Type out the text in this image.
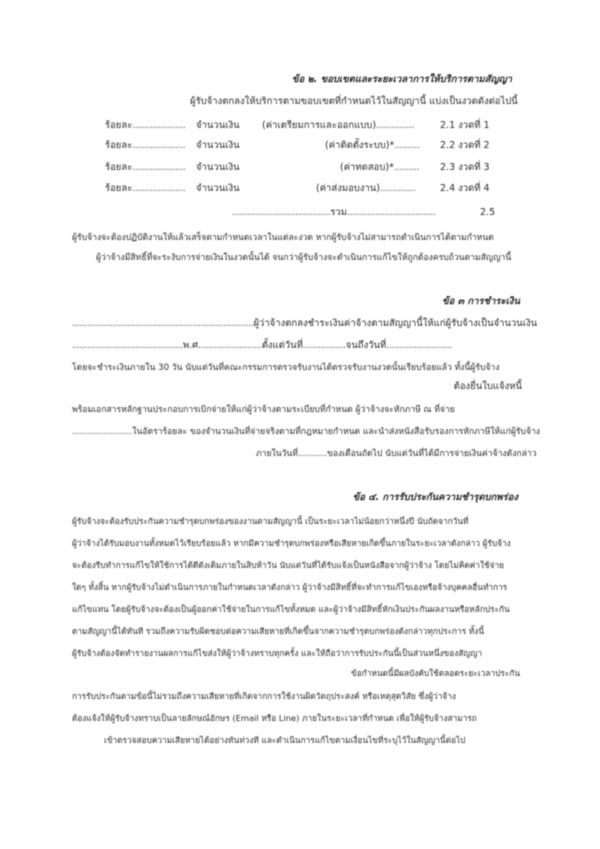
ข้อ ๒. ขอบเขตและระยะเวลาการให้บริการตามสัญญา
ผู้รับจ้างตกลงให้บริการตามขอบเขตที่กำหนดไว้ในสัญญานี้ แบ่งเป็นงวดดังต่อไปนี้
ร้อยละ..................... จำนวนเงิน (ค่าเตรียมการและออกแบบ)...............	2.1 งวดที่ 1
ร้อยละ..................... จำนวนเงิน	(ค่าติดตั้งระบบ)*.......... 2.2 งวดที่ 2
ร้อยละ..................... จำนวนเงิน	(ค่าทดสอบ)*.......... 2.3 งวดที่ 3
ร้อยละ..................... จำนวนเงิน	(ค่าส่งมอบงาน)..............	2.4 งวดที่ 4
.......................................รวม...................................	2.5
ผู้รับจ้างจะต้องปฏิบัติงานให้แล้วเสร็จตามกำหนดเวลาในแต่ละงวด หากผู้รับจ้างไม่สามารถดำเนินการได้ตามกำหนด
ผู้ว่าจ้างมีสิทธิ์ที่จะระงับการจ่ายเงินในงวดนั้นได้ จนกว่าผู้รับจ้างจะดำเนินการแก้ไขให้ถูกต้องครบถ้วนตามสัญญานี้
ข้อ ๓ การชำระเงิน
........................................................................ผู้ว่าจ้างตกลงชำระเงินค่าจ้างตามสัญญานี้ให้แก่ผู้รับจ้างเป็นจำนวนเงิน
............................................พ.ศ.........................ตั้งแต่วันที่.................จนถึงวันที่..........................
โดยจะชำระเงินภายใน 30 วัน นับแต่วันที่คณะกรรมการตรวจรับงานได้ตรวจรับงานงวดนั้นเรียบร้อยแล้ว ทั้งนี้ผู้รับจ้าง
ต้องยื่นใบแจ้งหนี้
พร้อมเอกสารหลักฐานประกอบการเบิกจ่ายให้แก่ผู้ว่าจ้างตามระเบียบที่กำหนด ผู้ว่าจ้างจะหักภาษี ณ ที่จ่าย
...........................ในอัตราร้อยละ ของจำนวนเงินที่จ่ายจริงตามที่กฎหมายกำหนด และนำส่งหนังสือรับรองการหักภาษีให้แก่ผู้รับจ้าง
ภายในวันที่.............ของเดือนถัดไป นับแต่วันที่ได้มีการจ่ายเงินค่าจ้างดังกล่าว
ข้อ ๔. การรับประกันความชำรุดบกพร่อง
ผู้รับจ้างจะต้องรับประกันความชำรุดบกพร่องของงานตามสัญญานี้ เป็นระยะเวลาไม่น้อยกว่าหนึ่งปี นับถัดจากวันที่
ผู้ว่าจ้างได้รับมอบงานทั้งหมดไว้เรียบร้อยแล้ว หากมีความชำรุดบกพร่องหรือเสียหายเกิดขึ้นภายในระยะเวลาดังกล่าว ผู้รับจ้าง
จะต้องรีบทำการแก้ไขให้ใช้การได้ดีดังเดิมภายในสิบห้าวัน นับแต่วันที่ได้รับแจ้งเป็นหนังสือจากผู้ว่าจ้าง โดยไม่คิดค่าใช้จ่าย
ใดๆ ทั้งสิ้น หากผู้รับจ้างไม่ดำเนินการภายในกำหนดเวลาดังกล่าว ผู้ว่าจ้างมีสิทธิ์ที่จะทำการแก้ไขเองหรือจ้างบุคคลอื่นทำการ
แก้ไขแทน โดยผู้รับจ้างจะต้องเป็นผู้ออกค่าใช้จ่ายในการแก้ไขทั้งหมด และผู้ว่าจ้างมีสิทธิ์หักเงินประกันผลงานหรือหลักประกัน
ตามสัญญานี้ได้ทันที รวมถึงความรับผิดชอบต่อความเสียหายที่เกิดขึ้นจากความชำรุดบกพร่องดังกล่าวทุกประการ ทั้งนี้
ผู้รับจ้างต้องจัดทำรายงานผลการแก้ไขส่งให้ผู้ว่าจ้างทราบทุกครั้ง และให้ถือว่าการรับประกันนี้เป็นส่วนหนึ่งของสัญญา
ข้อกำหนดนี้มีผลบังคับใช้ตลอดระยะเวลาประกัน
การรับประกันตามข้อนี้ไม่รวมถึงความเสียหายที่เกิดจากการใช้งานผิดวัตถุประสงค์ หรือเหตุสุดวิสัย ซึ่งผู้ว่าจ้าง
ต้องแจ้งให้ผู้รับจ้างทราบเป็นลายลักษณ์อักษร (Email หรือ Line) ภายในระยะเวลาที่กำหนด เพื่อให้ผู้รับจ้างสามารถ
เข้าตรวจสอบความเสียหายได้อย่างทันท่วงที และดำเนินการแก้ไขตามเงื่อนไขที่ระบุไว้ในสัญญานี้ต่อไป
